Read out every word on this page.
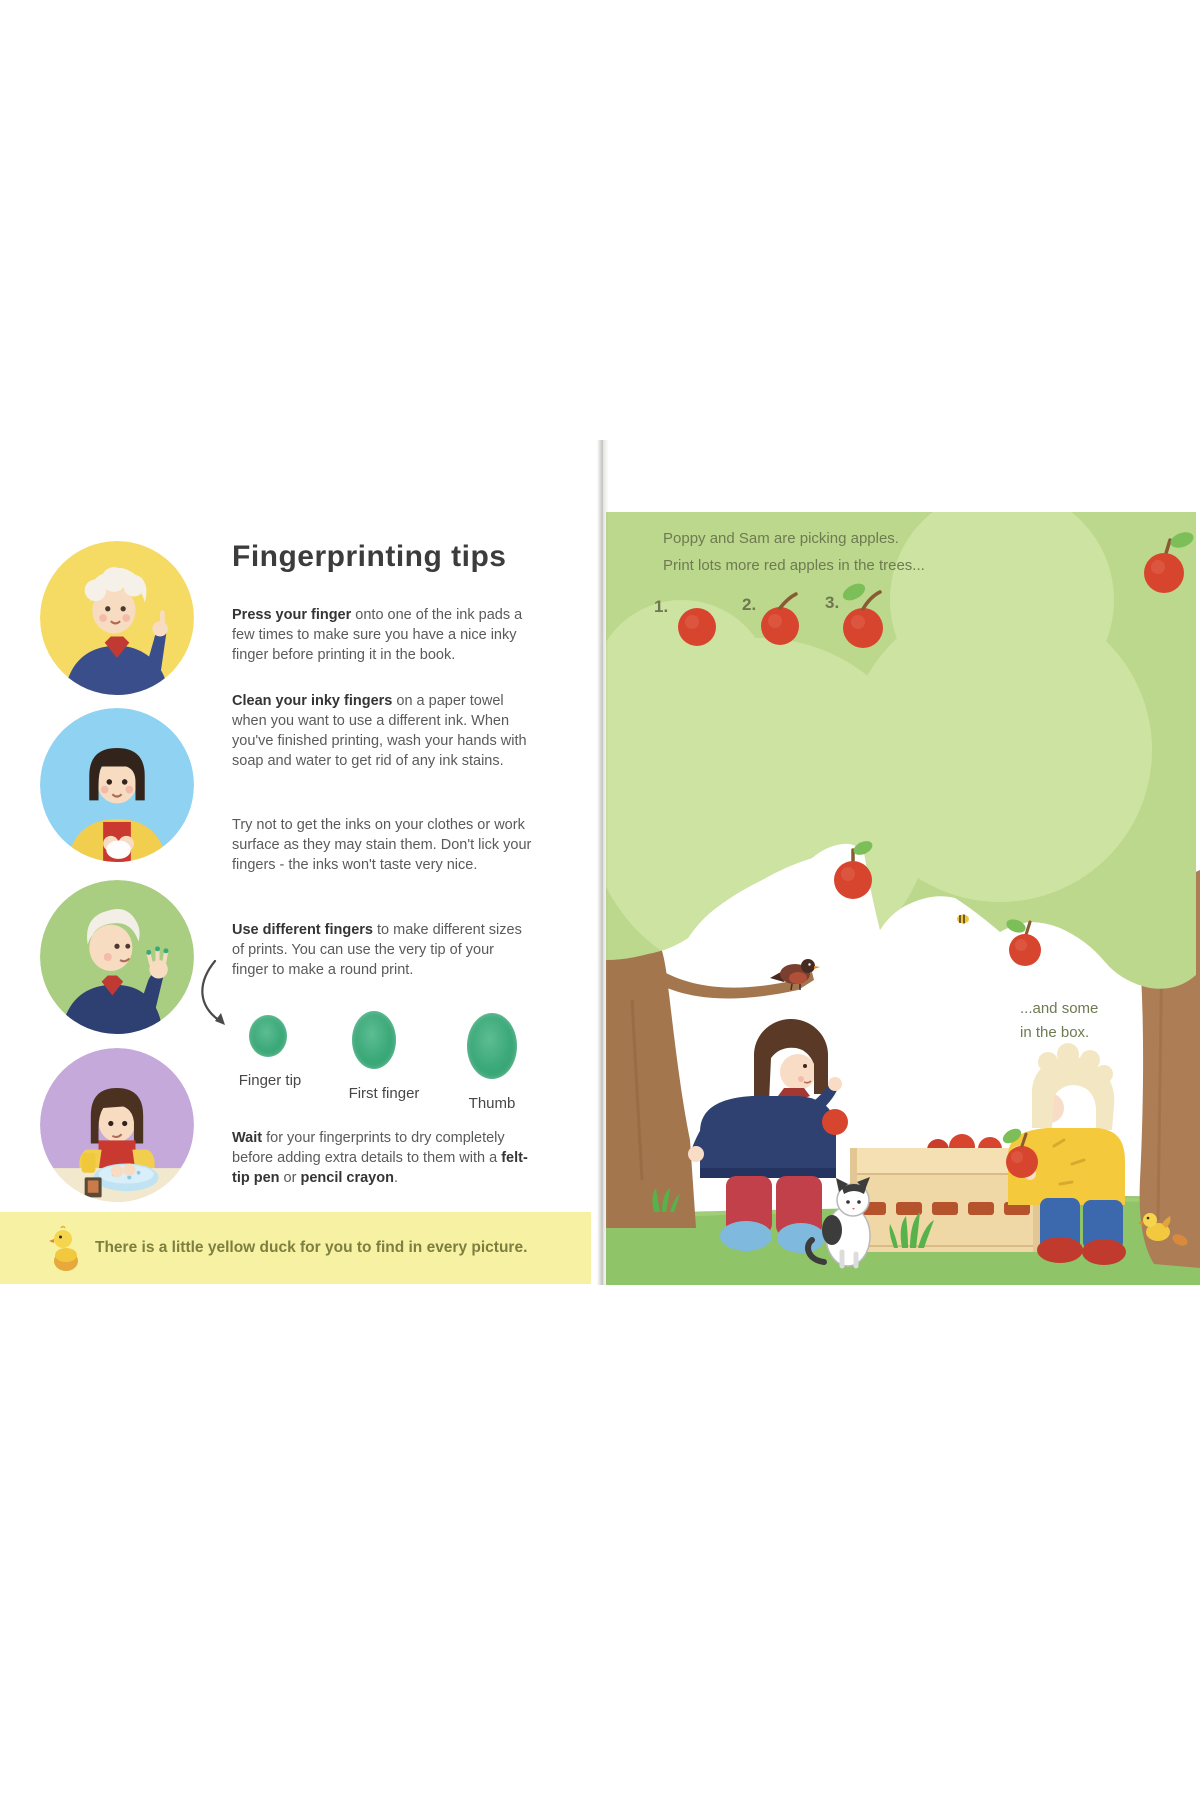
Fingerprinting tips
Press your finger onto one of the ink pads a few times to make sure you have a nice inky finger before printing it in the book.
Clean your inky fingers on a paper towel when you want to use a different ink. When you've finished printing, wash your hands with soap and water to get rid of any ink stains.
Try not to get the inks on your clothes or work surface as they may stain them. Don't lick your fingers - the inks won't taste very nice.
Use different fingers to make different sizes of prints. You can use the very tip of your finger to make a round print.
Finger tip
First finger
Thumb
Wait for your fingerprints to dry completely before adding extra details to them with a felt-tip pen or pencil crayon.
There is a little yellow duck for you to find in every picture.
Poppy and Sam are picking apples.
Print lots more red apples in the trees...
1.	2.	3.
...and some
in the box.
